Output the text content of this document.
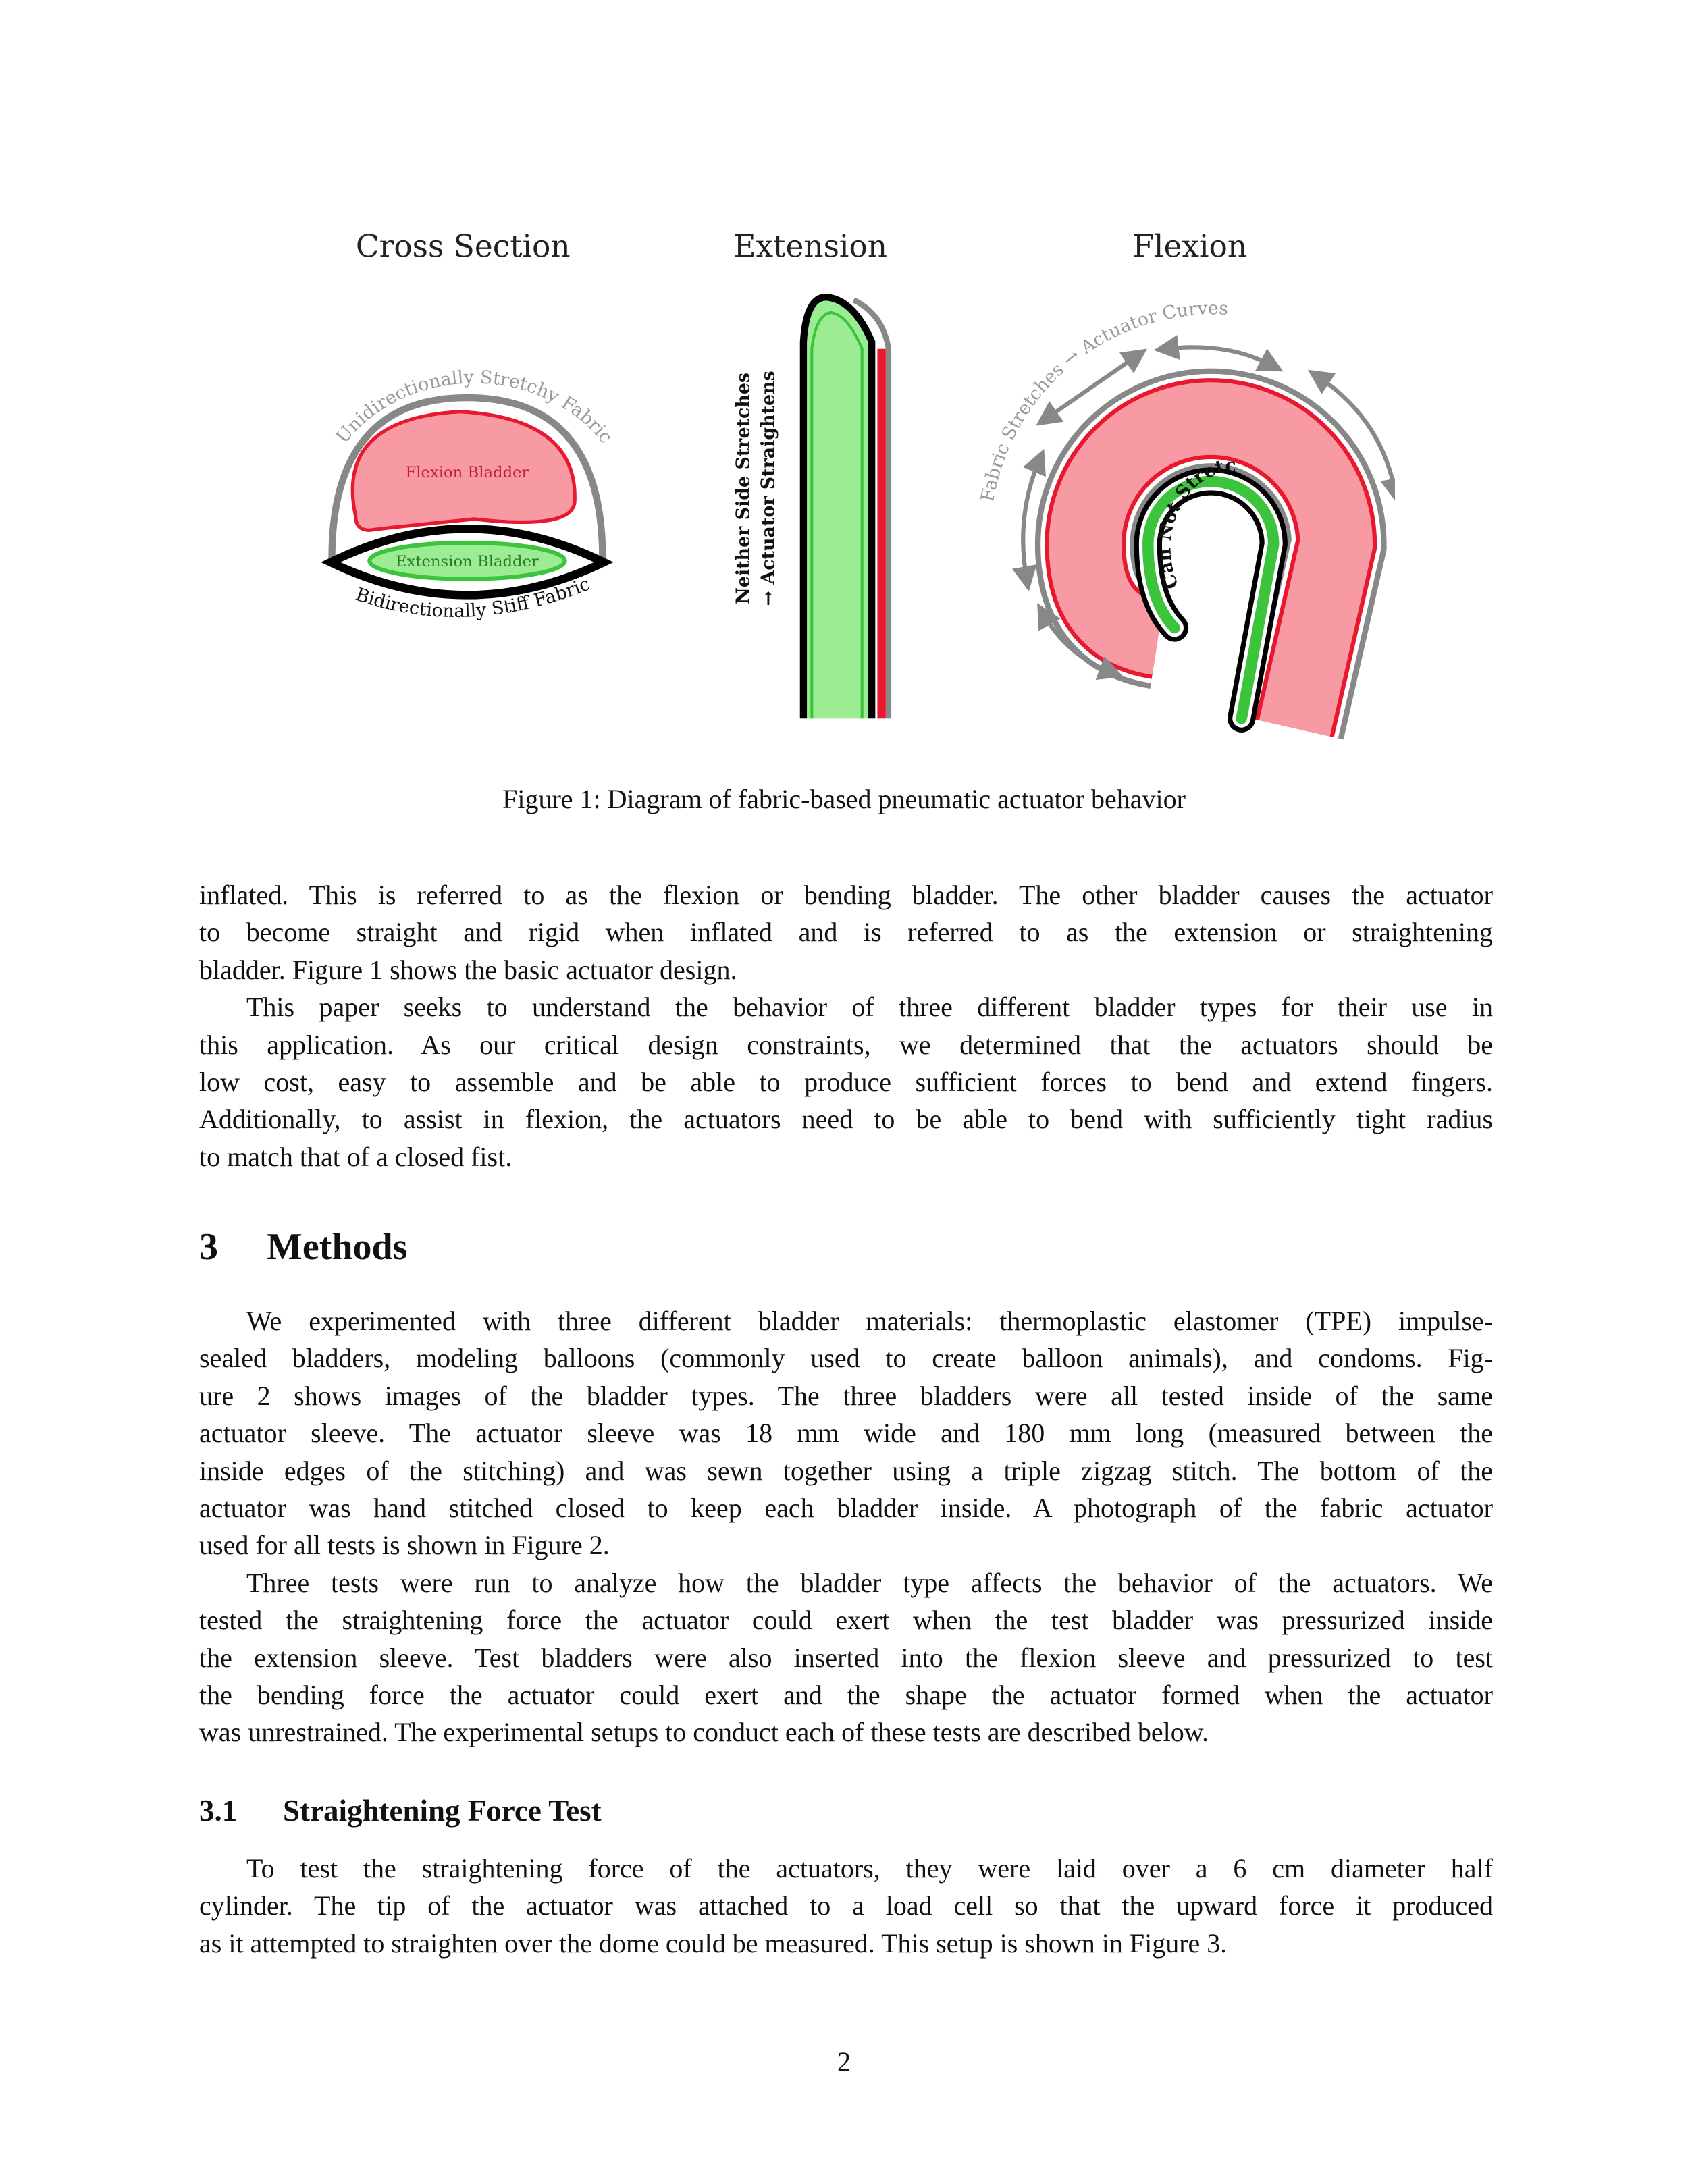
Cross Section	Extension	Flexion
Flexion Bladder
Extension Bladder
Unidirectionally Stretchy Fabric
Bidirectionally Stiff Fabric	Neither Side Stretches → Actuator Straightens	Fabric Stretches → Actuator Curves
Can Not Stretc
Figure 1: Diagram of fabric-based pneumatic actuator behavior
inflated. This is referred to as the flexion or bending bladder. The other bladder causes the actuator
to become straight and rigid when inflated and is referred to as the extension or straightening
bladder. Figure 1 shows the basic actuator design.
This paper seeks to understand the behavior of three different bladder types for their use in
this application. As our critical design constraints, we determined that the actuators should be
low cost, easy to assemble and be able to produce sufficient forces to bend and extend fingers.
Additionally, to assist in flexion, the actuators need to be able to bend with sufficiently tight radius
to match that of a closed fist.
3 Methods
We experimented with three different bladder materials: thermoplastic elastomer (TPE) impulse-
sealed bladders, modeling balloons (commonly used to create balloon animals), and condoms. Fig-
ure 2 shows images of the bladder types. The three bladders were all tested inside of the same
actuator sleeve. The actuator sleeve was 18 mm wide and 180 mm long (measured between the
inside edges of the stitching) and was sewn together using a triple zigzag stitch. The bottom of the
actuator was hand stitched closed to keep each bladder inside. A photograph of the fabric actuator
used for all tests is shown in Figure 2.
Three tests were run to analyze how the bladder type affects the behavior of the actuators. We
tested the straightening force the actuator could exert when the test bladder was pressurized inside
the extension sleeve. Test bladders were also inserted into the flexion sleeve and pressurized to test
the bending force the actuator could exert and the shape the actuator formed when the actuator
was unrestrained. The experimental setups to conduct each of these tests are described below.
3.1 Straightening Force Test
To test the straightening force of the actuators, they were laid over a 6 cm diameter half
cylinder. The tip of the actuator was attached to a load cell so that the upward force it produced
as it attempted to straighten over the dome could be measured. This setup is shown in Figure 3.
2
